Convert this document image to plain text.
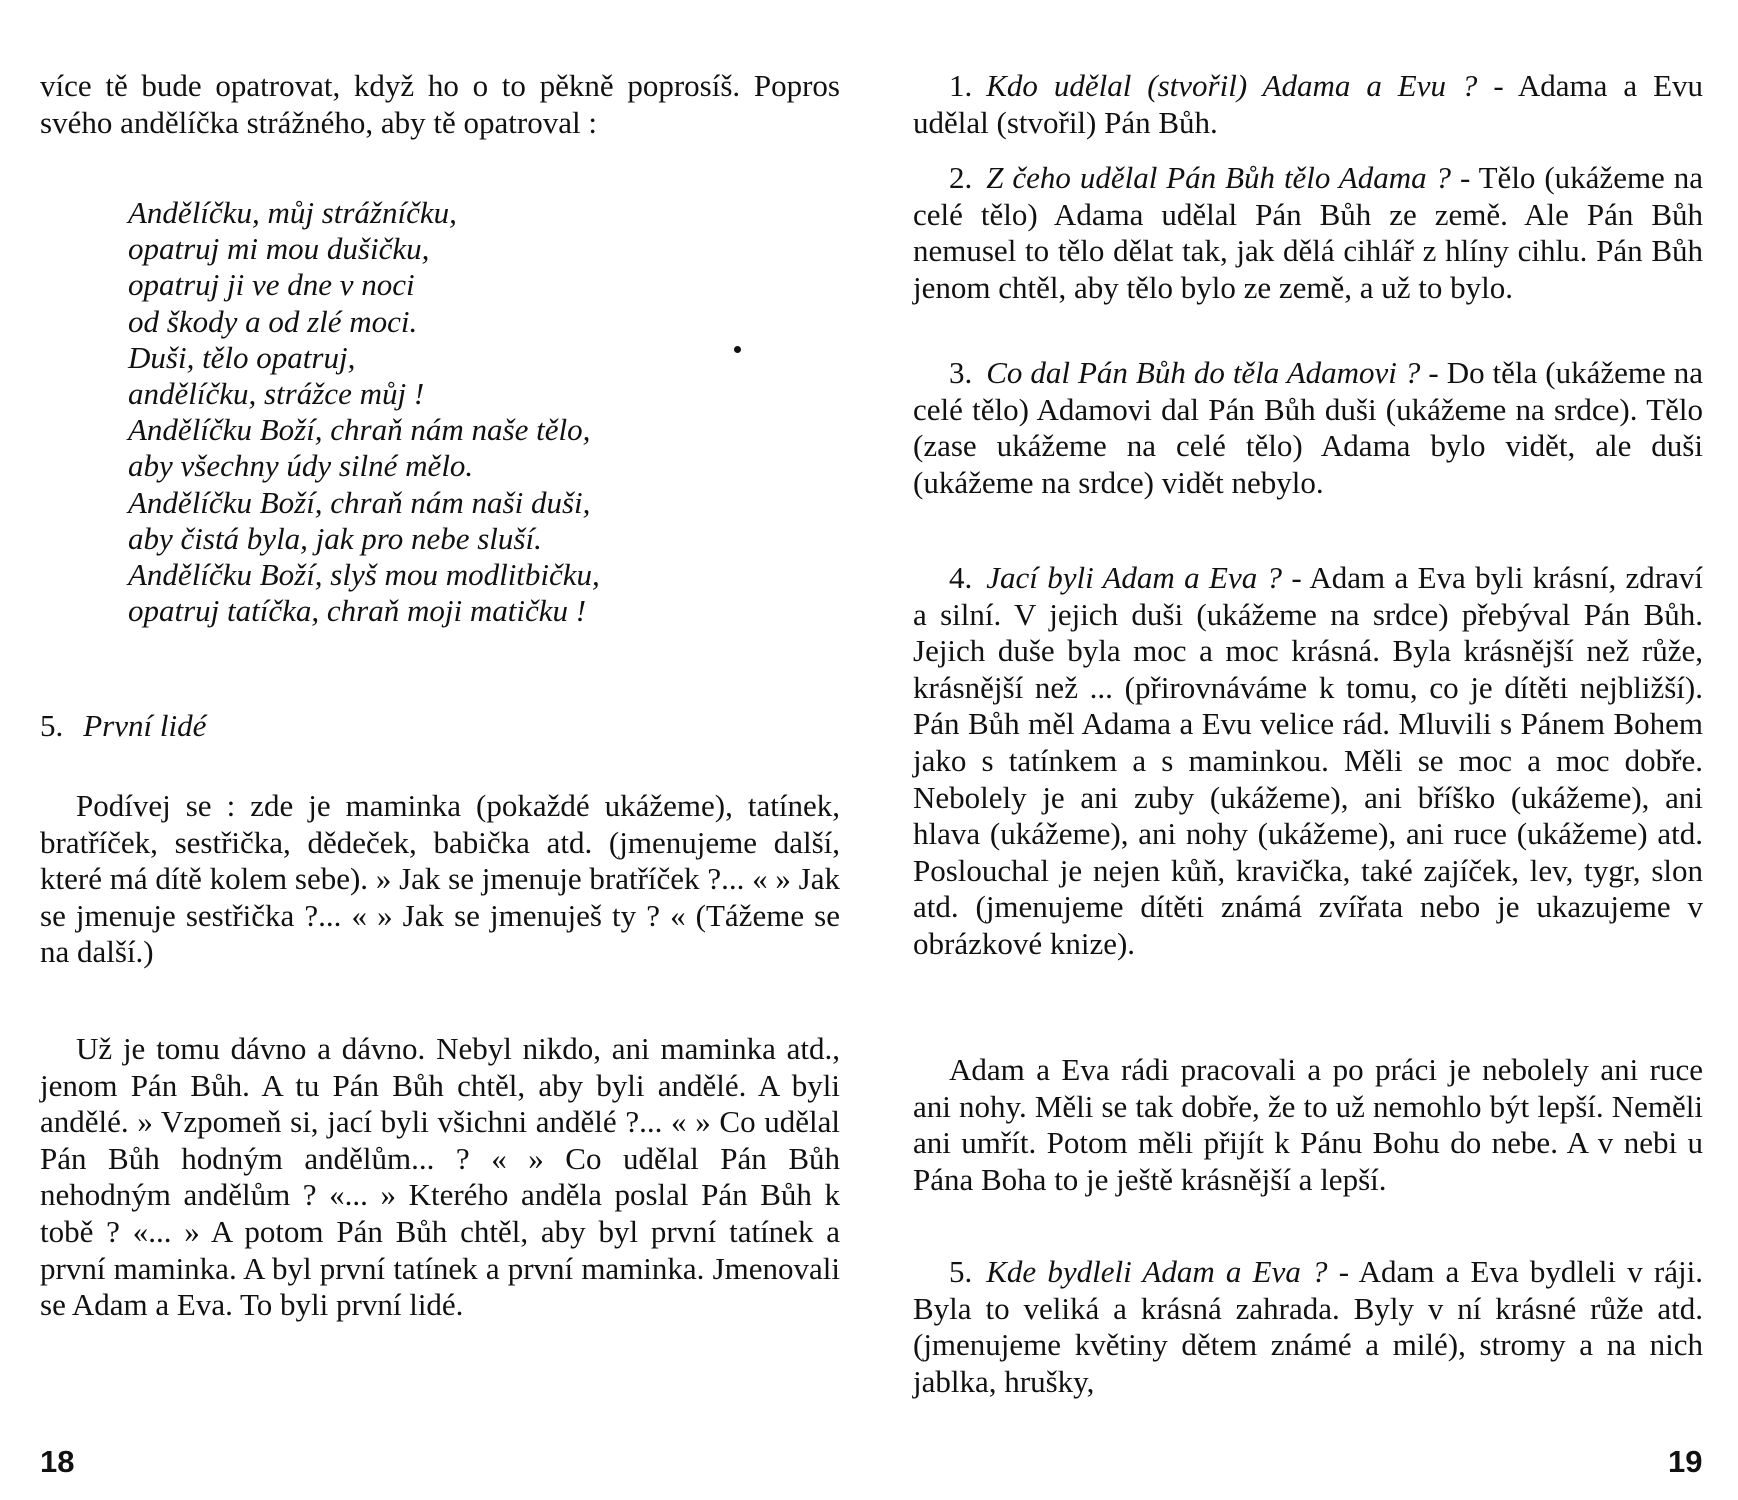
více tě bude opatrovat, když ho o to pěkně poprosíš. Popros svého andělíčka strážného, aby tě opatroval :

Andělíčku, můj strážníčku,
opatruj mi mou dušičku,
opatruj ji ve dne v noci
od škody a od zlé moci.
Duši, tělo opatruj,
andělíčku, strážce můj !
Andělíčku Boží, chraň nám naše tělo,
aby všechny údy silné mělo.
Andělíčku Boží, chraň nám naši duši,
aby čistá byla, jak pro nebe sluší.
Andělíčku Boží, slyš mou modlitbičku,
opatruj tatíčka, chraň moji matičku !

5. První lidé

Podívej se : zde je maminka (pokaždé ukážeme), tatínek, bratříček, sestřička, dědeček, babička atd. (jmenujeme další, které má dítě kolem sebe). » Jak se jmenuje bratříček ?... « » Jak se jmenuje sestřička ?... « » Jak se jmenuješ ty ? « (Tážeme se na další.)

Už je tomu dávno a dávno. Nebyl nikdo, ani maminka atd., jenom Pán Bůh. A tu Pán Bůh chtěl, aby byli andělé. A byli andělé. » Vzpomeň si, jací byli všichni andělé ?... « » Co udělal Pán Bůh hodným andělům... ? « » Co udělal Pán Bůh nehodným andělům ? «... » Kterého anděla poslal Pán Bůh k tobě ? «... » A potom Pán Bůh chtěl, aby byl první tatínek a první maminka. A byl první tatínek a první maminka. Jmenovali se Adam a Eva. To byli první lidé.

18

1. Kdo udělal (stvořil) Adama a Evu ? - Adama a Evu udělal (stvořil) Pán Bůh.

2. Z čeho udělal Pán Bůh tělo Adama ? - Tělo (ukážeme na celé tělo) Adama udělal Pán Bůh ze země. Ale Pán Bůh nemusel to tělo dělat tak, jak dělá cihlář z hlíny cihlu. Pán Bůh jenom chtěl, aby tělo bylo ze země, a už to bylo.

3. Co dal Pán Bůh do těla Adamovi ? - Do těla (ukážeme na celé tělo) Adamovi dal Pán Bůh duši (ukážeme na srdce). Tělo (zase ukážeme na celé tělo) Adama bylo vidět, ale duši (ukážeme na srdce) vidět nebylo.

4. Jací byli Adam a Eva ? - Adam a Eva byli krásní, zdraví a silní. V jejich duši (ukážeme na srdce) přebýval Pán Bůh. Jejich duše byla moc a moc krásná. Byla krásnější než růže, krásnější než ... (přirovnáváme k tomu, co je dítěti nejbližší). Pán Bůh měl Adama a Evu velice rád. Mluvili s Pánem Bohem jako s tatínkem a s maminkou. Měli se moc a moc dobře. Nebolely je ani zuby (ukážeme), ani bříško (ukážeme), ani hlava (ukážeme), ani nohy (ukážeme), ani ruce (ukážeme) atd. Poslouchal je nejen kůň, kravička, také zajíček, lev, tygr, slon atd. (jmenujeme dítěti známá zvířata nebo je ukazujeme v obrázkové knize).

Adam a Eva rádi pracovali a po práci je nebolely ani ruce ani nohy. Měli se tak dobře, že to už nemohlo být lepší. Neměli ani umřít. Potom měli přijít k Pánu Bohu do nebe. A v nebi u Pána Boha to je ještě krásnější a lepší.

5. Kde bydleli Adam a Eva ? - Adam a Eva bydleli v ráji. Byla to veliká a krásná zahrada. Byly v ní krásné růže atd. (jmenujeme květiny dětem známé a milé), stromy a na nich jablka, hrušky,

19
